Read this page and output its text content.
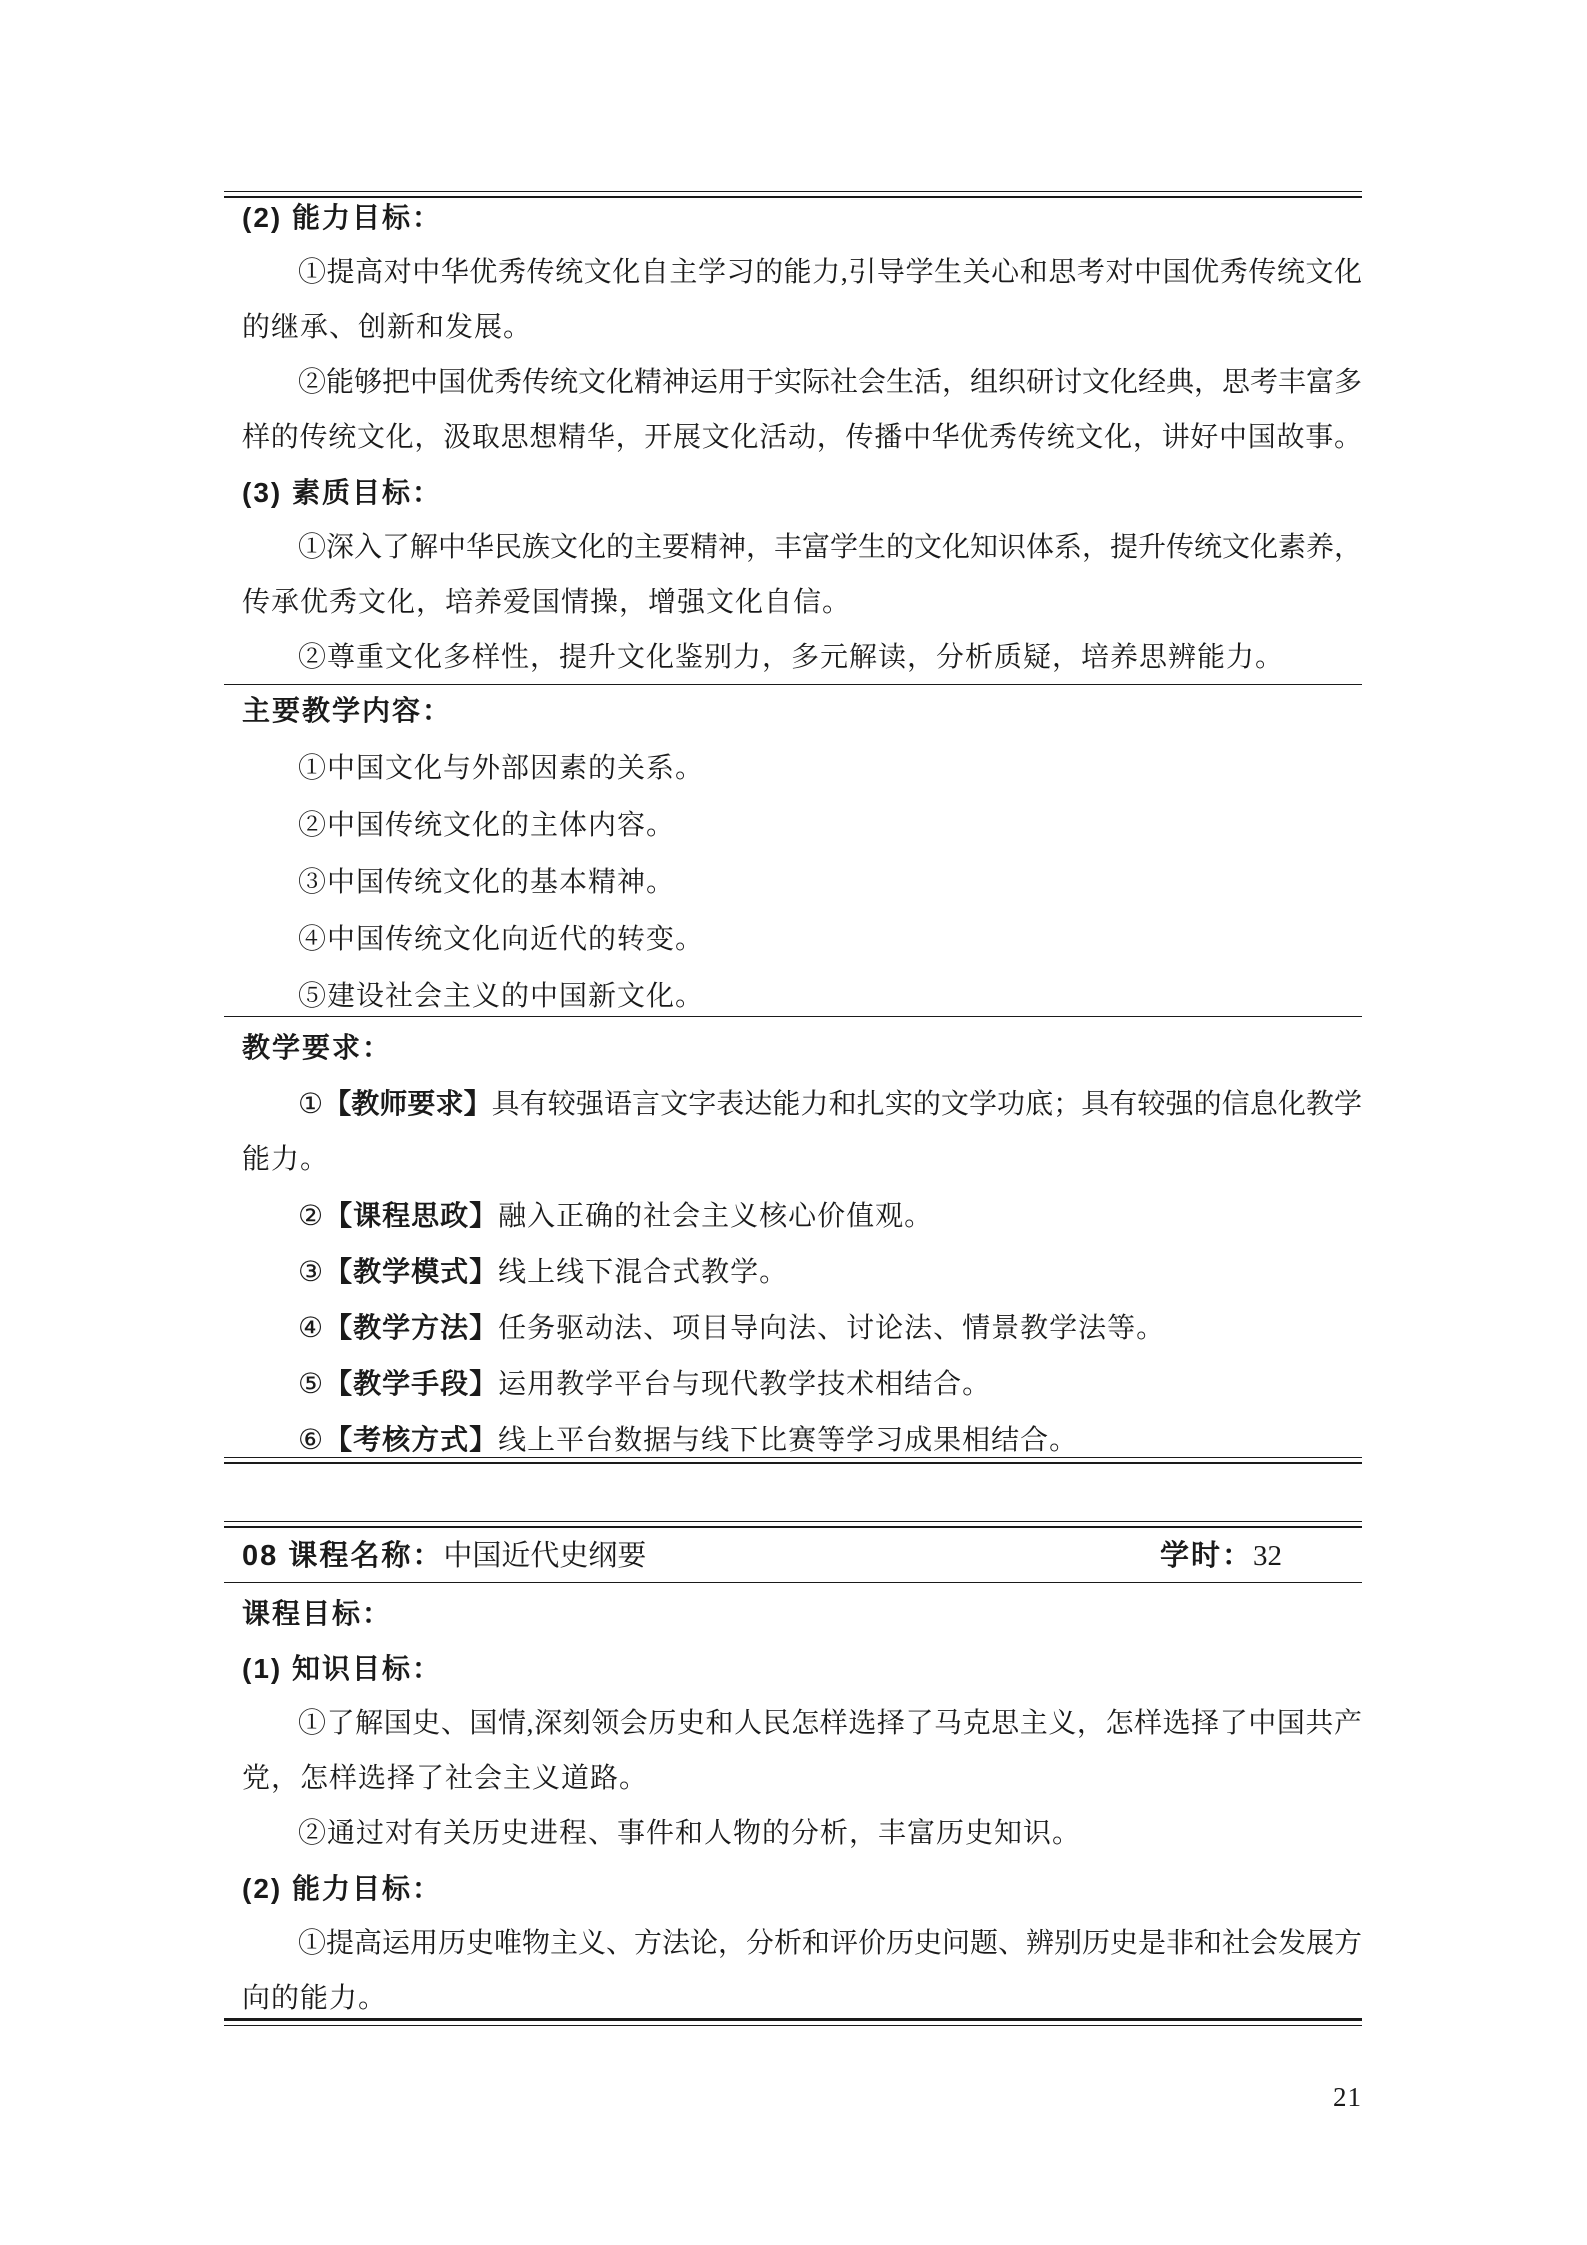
(2) 能力目标：
①提高对中华优秀传统文化自主学习的能力,引导学生关心和思考对中国优秀传统文化
的继承、创新和发展。
②能够把中国优秀传统文化精神运用于实际社会生活，组织研讨文化经典，思考丰富多
样的传统文化，汲取思想精华，开展文化活动，传播中华优秀传统文化，讲好中国故事。
(3) 素质目标：
①深入了解中华民族文化的主要精神，丰富学生的文化知识体系，提升传统文化素养，
传承优秀文化，培养爱国情操，增强文化自信。
②尊重文化多样性，提升文化鉴别力，多元解读，分析质疑，培养思辨能力。
主要教学内容：
①中国文化与外部因素的关系。
②中国传统文化的主体内容。
③中国传统文化的基本精神。
④中国传统文化向近代的转变。
⑤建设社会主义的中国新文化。
教学要求：
①【教师要求】具有较强语言文字表达能力和扎实的文学功底；具有较强的信息化教学
能力。
②【课程思政】融入正确的社会主义核心价值观。
③【教学模式】线上线下混合式教学。
④【教学方法】任务驱动法、项目导向法、讨论法、情景教学法等。
⑤【教学手段】运用教学平台与现代教学技术相结合。
⑥【考核方式】线上平台数据与线下比赛等学习成果相结合。
08 课程名称：中国近代史纲要	学时：32
课程目标：
(1) 知识目标：
①了解国史、国情,深刻领会历史和人民怎样选择了马克思主义，怎样选择了中国共产
党，怎样选择了社会主义道路。
②通过对有关历史进程、事件和人物的分析，丰富历史知识。
(2) 能力目标：
①提高运用历史唯物主义、方法论，分析和评价历史问题、辨别历史是非和社会发展方
向的能力。
21
